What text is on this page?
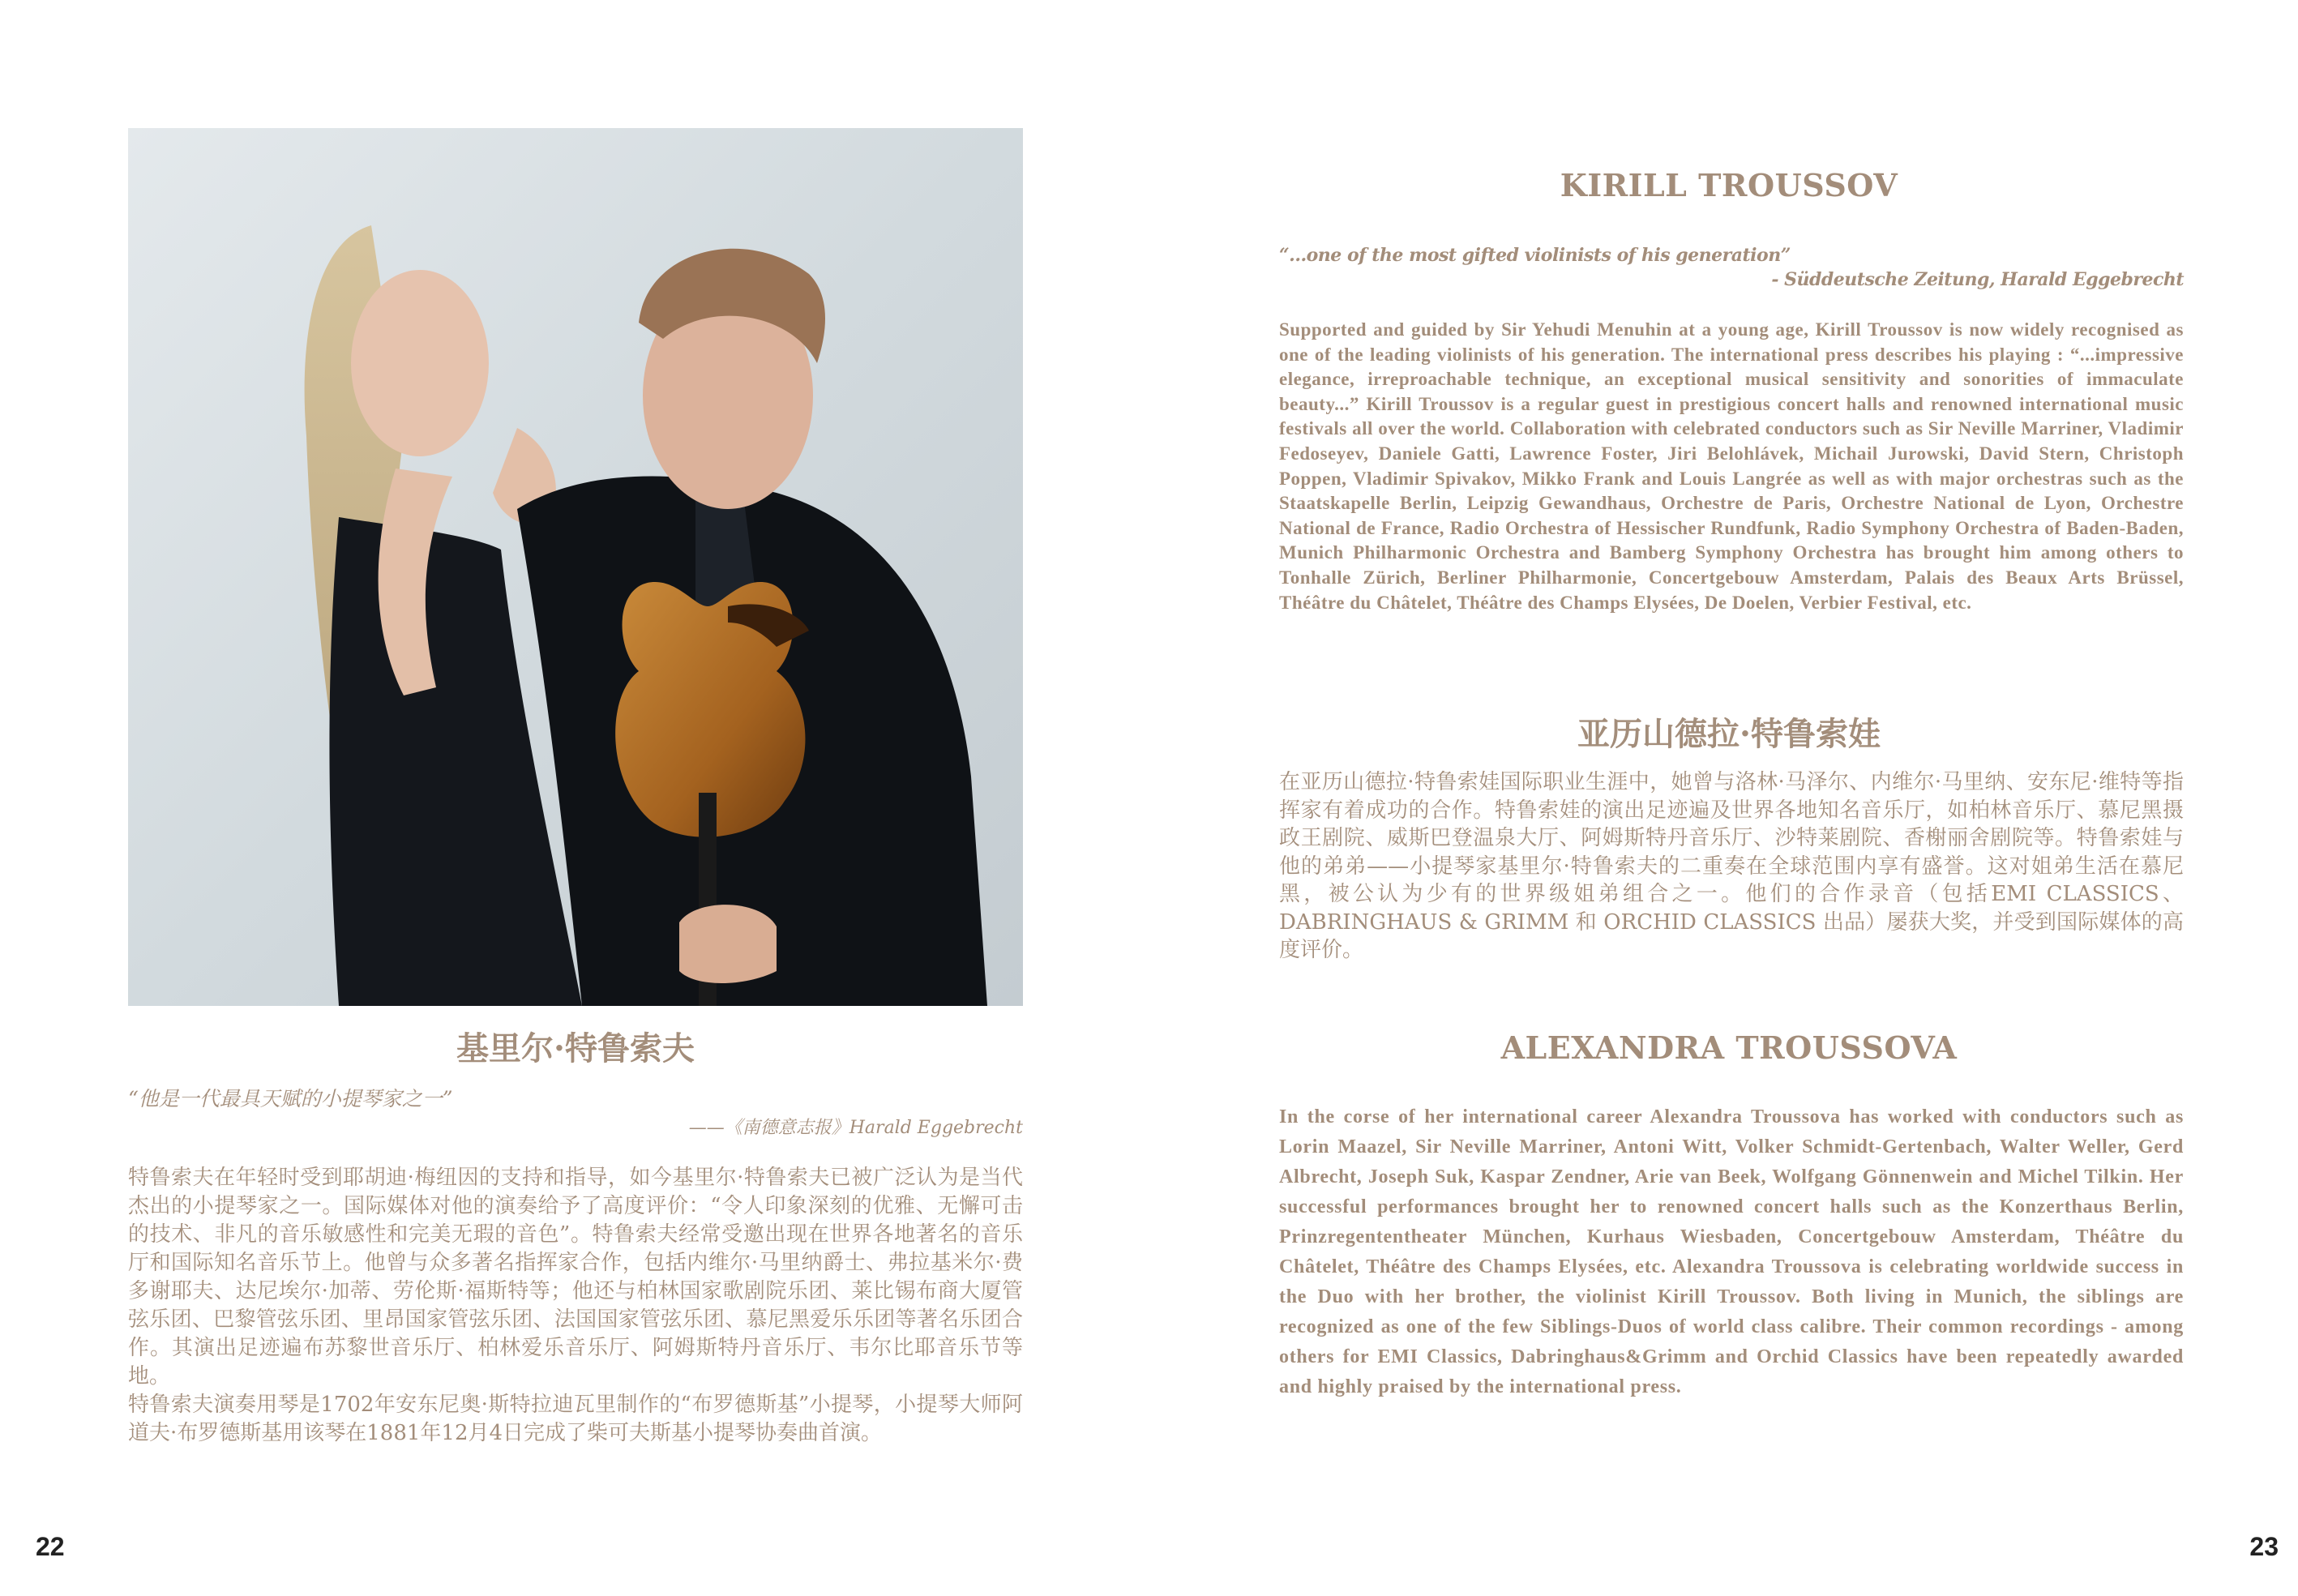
基里尔·特鲁索夫
“他是一代最具天赋的小提琴家之一”
——《南德意志报》Harald Eggebrecht

特鲁索夫在年轻时受到耶胡迪·梅纽因的支持和指导，如今基里尔·特鲁索夫已被广泛认为是当代杰出的小提琴家之一。国际媒体对他的演奏给予了高度评价：“令人印象深刻的优雅、无懈可击的技术、非凡的音乐敏感性和完美无瑕的音色”。特鲁索夫经常受邀出现在世界各地著名的音乐厅和国际知名音乐节上。他曾与众多著名指挥家合作，包括内维尔·马里纳爵士、弗拉基米尔·费多谢耶夫、达尼埃尔·加蒂、劳伦斯·福斯特等；他还与柏林国家歌剧院乐团、莱比锡布商大厦管弦乐团、巴黎管弦乐团、里昂国家管弦乐团、法国国家管弦乐团、慕尼黑爱乐乐团等著名乐团合作。其演出足迹遍布苏黎世音乐厅、柏林爱乐音乐厅、阿姆斯特丹音乐厅、韦尔比耶音乐节等地。

特鲁索夫演奏用琴是1702年安东尼奥·斯特拉迪瓦里制作的“布罗德斯基”小提琴，小提琴大师阿道夫·布罗德斯基用该琴在1881年12月4日完成了柴可夫斯基小提琴协奏曲首演。

22
KIRILL TROUSSOV
“...one of the most gifted violinists of his generation”
- Süddeutsche Zeitung, Harald Eggebrecht
Supported and guided by Sir Yehudi Menuhin at a young age, Kirill Troussov is now widely recognised as one of the leading violinists of his generation. The international press describes his playing : “...impressive elegance, irreproachable technique, an exceptional musical sensitivity and sonorities of immaculate beauty...” Kirill Troussov is a regular guest in prestigious concert halls and renowned international music festivals all over the world. Collaboration with celebrated conductors such as Sir Neville Marriner, Vladimir Fedoseyev, Daniele Gatti, Lawrence Foster, Jiri Belohlávek, Michail Jurowski, David Stern, Christoph Poppen, Vladimir Spivakov, Mikko Frank and Louis Langrée as well as with major orchestras such as the Staatskapelle Berlin, Leipzig Gewandhaus, Orchestre de Paris, Orchestre National de Lyon, Orchestre National de France, Radio Orchestra of Hessischer Rundfunk, Radio Symphony Orchestra of Baden-Baden, Munich Philharmonic Orchestra and Bamberg Symphony Orchestra has brought him among others to Tonhalle Zürich, Berliner Philharmonie, Concertgebouw Amsterdam, Palais des Beaux Arts Brüssel, Théâtre du Châtelet, Théâtre des Champs Elysées, De Doelen, Verbier Festival, etc.
亚历山德拉·特鲁索娃
在亚历山德拉·特鲁索娃国际职业生涯中，她曾与洛林·马泽尔、内维尔·马里纳、安东尼·维特等指挥家有着成功的合作。特鲁索娃的演出足迹遍及世界各地知名音乐厅，如柏林音乐厅、慕尼黑摄政王剧院、威斯巴登温泉大厅、阿姆斯特丹音乐厅、沙特莱剧院、香榭丽舍剧院等。特鲁索娃与他的弟弟——小提琴家基里尔·特鲁索夫的二重奏在全球范围内享有盛誉。这对姐弟生活在慕尼黑，被公认为少有的世界级姐弟组合之一。他们的合作录音（包括EMI CLASSICS、DABRINGHAUS & GRIMM 和 ORCHID CLASSICS 出品）屡获大奖，并受到国际媒体的高度评价。
ALEXANDRA TROUSSOVA
In the corse of her international career Alexandra Troussova has worked with conductors such as Lorin Maazel, Sir Neville Marriner, Antoni Witt, Volker Schmidt-Gertenbach, Walter Weller, Gerd Albrecht, Joseph Suk, Kaspar Zendner, Arie van Beek, Wolfgang Gönnenwein and Michel Tilkin. Her successful performances brought her to renowned concert halls such as the Konzerthaus Berlin, Prinzregententheater München, Kurhaus Wiesbaden, Concertgebouw Amsterdam, Théâtre du Châtelet, Théâtre des Champs Elysées, etc. Alexandra Troussova is celebrating worldwide success in the Duo with her brother, the violinist Kirill Troussov. Both living in Munich, the siblings are recognized as one of the few Siblings-Duos of world class calibre. Their common recordings - among others for EMI Classics, Dabringhaus&Grimm and Orchid Classics have been repeatedly awarded and highly praised by the international press.
23
